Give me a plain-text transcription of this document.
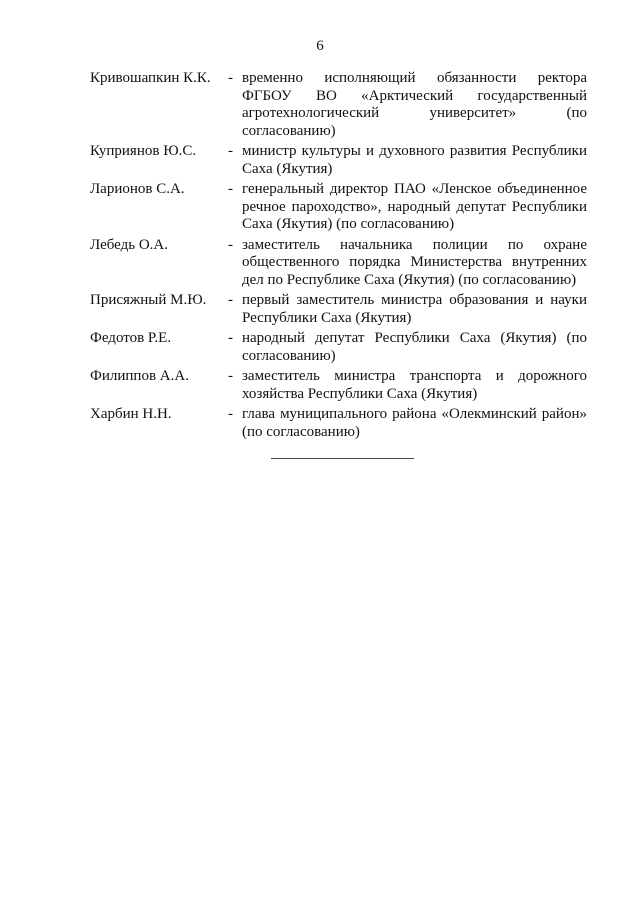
6
Кривошапкин К.К.	- временно исполняющий обязанности ректора ФГБОУ ВО «Арктический государственный агротехнологический университет» (по согласованию)
Куприянов Ю.С.	- министр культуры и духовного развития Республики Саха (Якутия)
Ларионов С.А.	- генеральный директор ПАО «Ленское объединенное речное пароходство», народный депутат Республики Саха (Якутия) (по согласованию)
Лебедь О.А.	- заместитель начальника полиции по охране общественного порядка Министерства внутренних дел по Республике Саха (Якутия) (по согласованию)
Присяжный М.Ю.	- первый заместитель министра образования и науки Республики Саха (Якутия)
Федотов Р.Е.	- народный депутат Республики Саха (Якутия) (по согласованию)
Филиппов А.А.	- заместитель министра транспорта и дорожного хозяйства Республики Саха (Якутия)
Харбин Н.Н.	- глава муниципального района «Олекминский район» (по согласованию)
